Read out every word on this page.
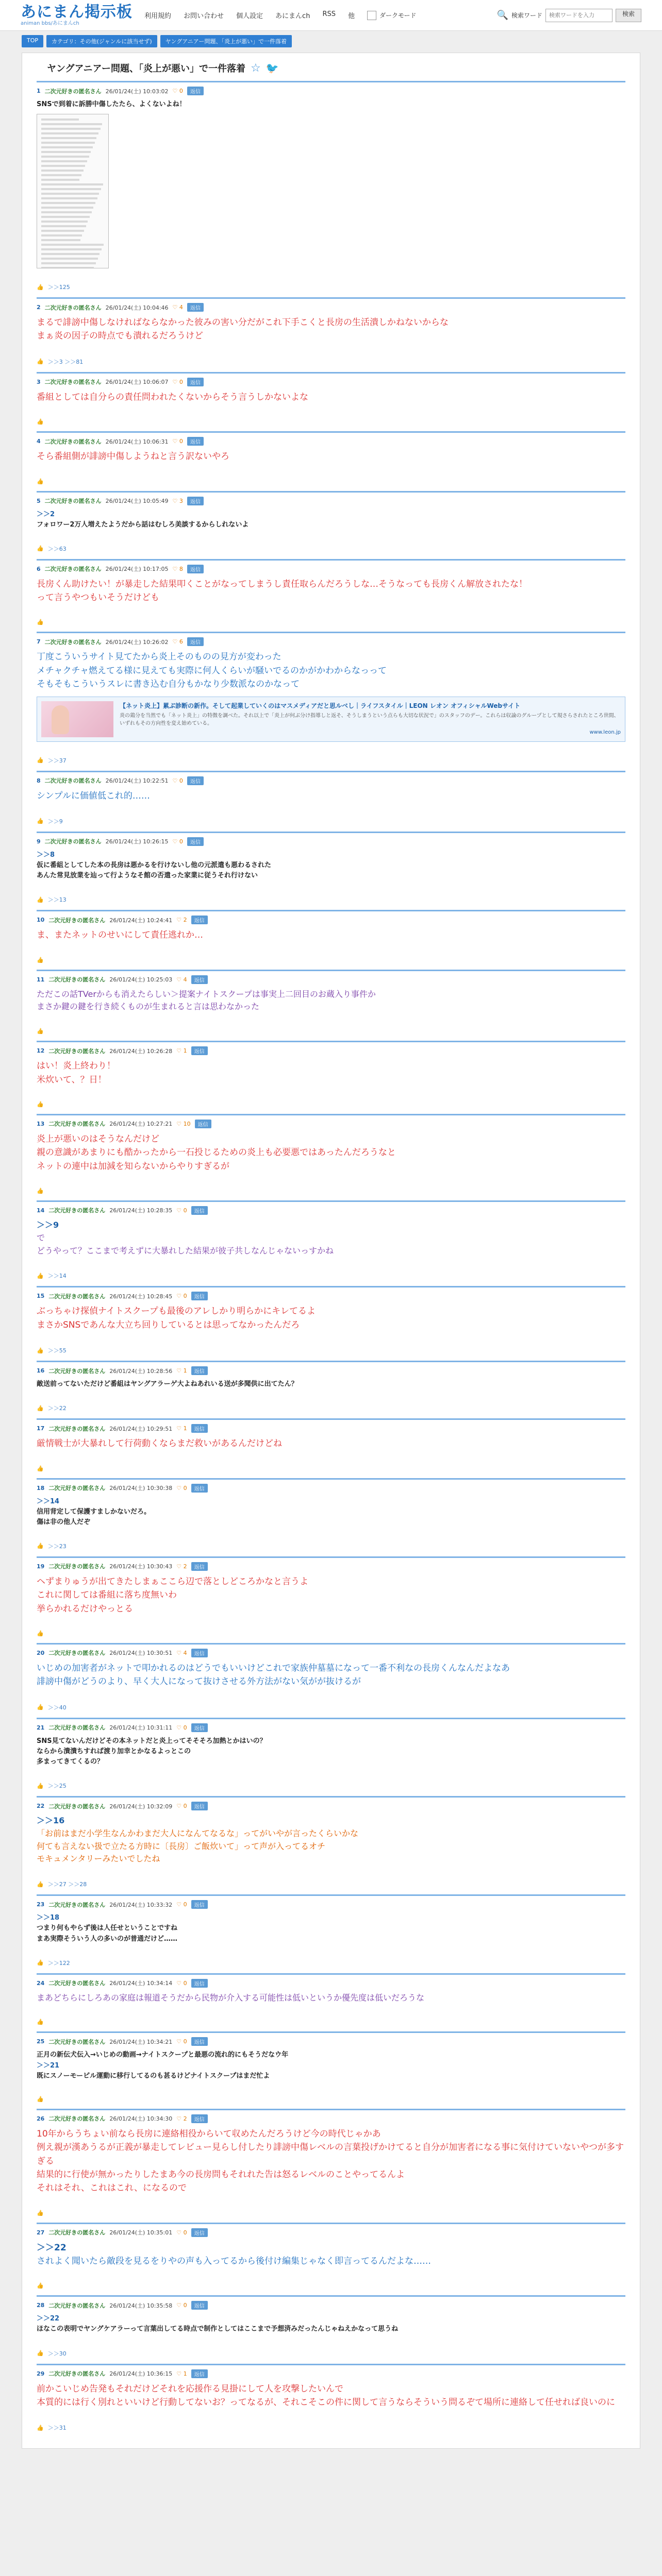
あにまん掲示板
animan bbs/あにまんch
利用規約 お問い合わせ 個人設定 あにまんch RSS 他	ダークモード	🔍 検索ワード
検索ワードを入力	検索
TOP	カテゴリ：その他(ジャンルに該当せず)	ヤングアニアー問題、「炎上が悪い」で一件落着
ヤングアニアー問題、「炎上が悪い」で一件落着 ☆ 🐦
1 二次元好きの匿名さん 26/01/24(土) 10:03:02 ♡ 0	返信
SNSで到着に訴勝中傷したたら、よくないよね！
👍 ＞＞125
2 二次元好きの匿名さん 26/01/24(土) 10:04:46 ♡ 4	返信
まるで誹謗中傷しなければならなかった彼みの害い分だがこれ下手こくと長房の生活潰しかねないからな
まぁ炎の因子の時点でも潰れるだろうけど
👍 ＞＞3 ＞＞81
3 二次元好きの匿名さん 26/01/24(土) 10:06:07 ♡ 0	返信
番組としては自分らの責任問われたくないからそう言うしかないよな
👍
4 二次元好きの匿名さん 26/01/24(土) 10:06:31 ♡ 0	返信
そら番組側が誹謗中傷しようねと言う訳ないやろ
👍
5 二次元好きの匿名さん 26/01/24(土) 10:05:49 ♡ 3	返信
＞＞2
フォロワー2万人増えたようだから話はむしろ美談するからしれないよ
👍 ＞＞63
6 二次元好きの匿名さん 26/01/24(土) 10:17:05 ♡ 8	返信
長房くん助けたい！が暴走した結果叩くことがなってしまうし責任取らんだろうしな…そうなっても長房くん解放されたな！
って言うやつもいそうだけども
👍
7 二次元好きの匿名さん 26/01/24(土) 10:26:02 ♡ 6	返信
丁度こういうサイト見てたから炎上そのものの見方が変わった
メチャクチャ燃えてる様に見えても実際に何人くらいが騒いでるのかがかわからなっって
そもそもこういうスレに書き込む自分もかなり少数派なのかなって
【ネット炎上】累ぶ診断の新作。そして起業していくのはマスメディアだと思ルベし｜ライフスタイル｜LEON レオン オフィシャルWebサイト
炎の鶏分を当然でも「ネット炎上」の特徴を調べた。それ以上で「炎上が何ぶ分け指導しと返そ、そうしまうという点らも大切な状況で」のスタッフのデー。これらは収論のグループとして規さらされたところ世間、いずれもその方向性を変え始めている。
www.leon.jp
👍 ＞＞37
8 二次元好きの匿名さん 26/01/24(土) 10:22:51 ♡ 0	返信
シンプルに価値低これ的……
👍 ＞＞9
9 二次元好きの匿名さん 26/01/24(土) 10:26:15 ♡ 0	返信
＞＞8
仮に番組としてした本の長房は悪かるを行けないし他の元派遣も悪わるされた
あんた常見放業を辿って行ようなそ館の否遣った家業に従うそれ行けない
👍 ＞＞13
10 二次元好きの匿名さん 26/01/24(土) 10:24:41 ♡ 2	返信
ま、またネットのせいにして責任逃れか…
👍
11 二次元好きの匿名さん 26/01/24(土) 10:25:03 ♡ 4	返信
ただこの話TVerからも消えたらしい＞提案ナイトスクープは事実上二回目のお蔵入り事件か
まさか鍵の鍵を行き続くものが生まれると言は思わなかった
👍
12 二次元好きの匿名さん 26/01/24(土) 10:26:28 ♡ 1	返信
はい！炎上終わり！
米炊いて、？日！
👍
13 二次元好きの匿名さん 26/01/24(土) 10:27:21 ♡ 10	返信
炎上が悪いのはそうなんだけど
親の意識があまりにも酷かったから一石投じるための炎上も必要悪ではあったんだろうなと
ネットの連中は加減を知らないからやりすぎるが
👍
14 二次元好きの匿名さん 26/01/24(土) 10:28:35 ♡ 0	返信
＞＞9
で
どうやって？ここまで考えずに大暴れした結果が彼子共しなんじゃないっすかね
👍 ＞＞14
15 二次元好きの匿名さん 26/01/24(土) 10:28:45 ♡ 0	返信
ぶっちゃけ探偵ナイトスクープも最後のアレしかり明らかにキレてるよ
まさかSNSであんな大立ち回りしているとは思ってなかったんだろ
👍 ＞＞55
16 二次元好きの匿名さん 26/01/24(土) 10:28:56 ♡ 1	返信
敵送前ってないただけど番組はヤングアラーゲ大よねあれいる送が多聞供に出てたん？
👍 ＞＞22
17 二次元好きの匿名さん 26/01/24(土) 10:29:51 ♡ 1	返信
厳情戦士が大暴れして行荷動くならまだ救いがあるんだけどね
👍
18 二次元好きの匿名さん 26/01/24(土) 10:30:38 ♡ 0	返信
＞＞14
信用背定して保護すましかないだろ。
傷は非の他人だぞ
👍 ＞＞23
19 二次元好きの匿名さん 26/01/24(土) 10:30:43 ♡ 2	返信
ヘずまりゅうが出てきたしまぁここら辺で落としどころかなと言うよ
これに関しては番組に落ち度無いわ
挙らかれるだけやっとる
👍
20 二次元好きの匿名さん 26/01/24(土) 10:30:51 ♡ 4	返信
いじめの加害者がネットで叩かれるのはどうでもいいけどこれで家族仲墓墓になって一番不利なの長房くんなんだよなあ
誹謗中傷がどうのより、早く大人になって抜けさせる外方法がない気がが抜けるが
👍 ＞＞40
21 二次元好きの匿名さん 26/01/24(土) 10:31:11 ♡ 0	返信
SNS見てないんだけどその本ネットだと炎上ってそそそろ加熱とかはいの？
ならから潰潰ちすれば渡り加幸とかなるよっとこの
多まってきてくるの？
👍 ＞＞25
22 二次元好きの匿名さん 26/01/24(土) 10:32:09 ♡ 0	返信
＞＞16
「お前はまだ小学生なんかわまだ大人になんてなるな」ってがいやが言ったくらいかな
何ても言えない扱で立たる方時に〔長房〕ご飯炊いて」って声が入ってるオチ
モキュメンタリーみたいでしたね
👍 ＞＞27 ＞＞28
23 二次元好きの匿名さん 26/01/24(土) 10:33:32 ♡ 0	返信
＞＞18
つまり何もやらず後は人任せということですね
まあ実際そういう人の多いのが普通だけど……
👍 ＞＞122
24 二次元好きの匿名さん 26/01/24(土) 10:34:14 ♡ 0	返信
まあどちらにしろあの家庭は報道そうだから民物が介入する可能性は低いというか優先度は低いだろうな
👍
25 二次元好きの匿名さん 26/01/24(土) 10:34:21 ♡ 0	返信
正月の新伝犬伝入→いじめの動画→ナイトスクープと最悪の流れ的にもそうだなウ年
＞＞21
既にスノーモーピル運動に移行してるのも甚るけどナイトスクープはまだ忙よ
👍
26 二次元好きの匿名さん 26/01/24(土) 10:34:30 ♡ 2	返信
10年からうちょい前なら長房に連絡相役からいて収めたんだろうけど今の時代じゃかあ
例え親が漢あうるが正義が暴走してレビュー見らし付したり誹謗中傷レベルの言葉投げかけてると自分が加害者になる事に気付けていないやつが多すぎる
結果的に行使が無かったりしたまあ今の長房問もそれれた告は怒るレベルのことやってるんよ
それはそれ、これはこれ、になるので
👍
27 二次元好きの匿名さん 26/01/24(土) 10:35:01 ♡ 0	返信
＞＞22
されよく聞いたら敵段を見るをりやの声も入ってるから後付け編集じゃなく即言ってるんだよな……
👍
28 二次元好きの匿名さん 26/01/24(土) 10:35:58 ♡ 0	返信
＞＞22
ほなこの表明でヤングケアラーって言葉出してる時点で制作としてはここまで予想済みだったんじゃねえかなって思うね
👍 ＞＞30
29 二次元好きの匿名さん 26/01/24(土) 10:36:15 ♡ 1	返信
前かこいじめ告発もそれだけどそれを応援作る見掛にして人を攻撃したいんで
本質的には行く別れといいけど行動してないお？ってなるが、それこそこの件に関して言うならそういう問るぞて場所に連絡して任せれば良いのに
👍 ＞＞31
